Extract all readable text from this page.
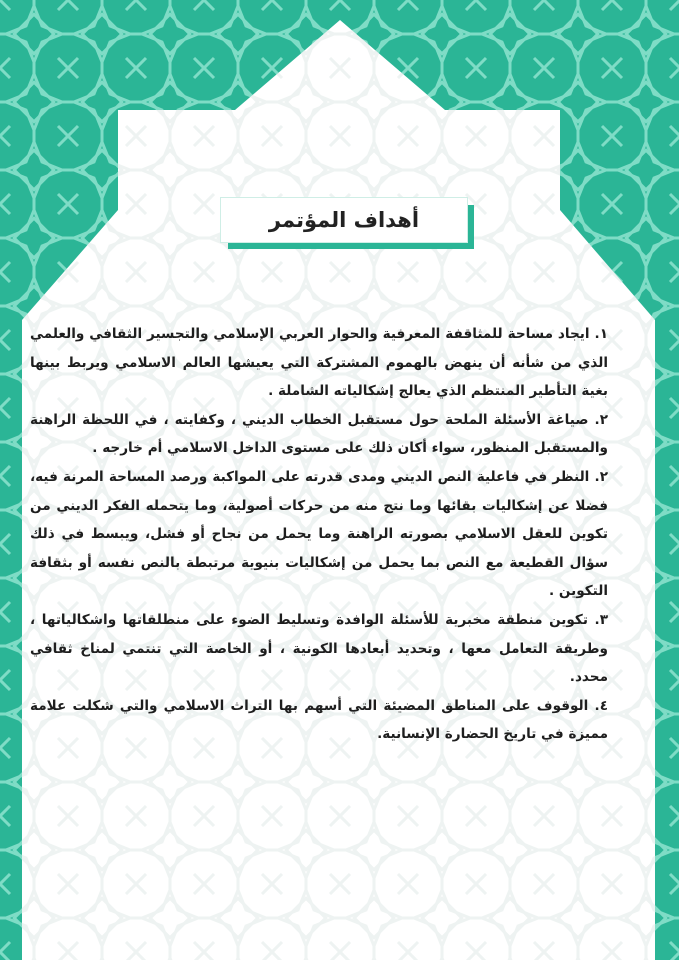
أهداف المؤتمر

١. ايجاد مساحة للمثاقفة المعرفية والحوار العربي الإسلامي والتجسير الثقافي والعلمي الذي من شأنه أن ينهض بالهموم المشتركة التي يعيشها العالم الاسلامي ويربط بينها بغية التأطير المنتظم الذي يعالج إشكالياته الشاملة .

٢. صياغة الأسئلة الملحة حول مستقبل الخطاب الديني ، وكفايته ، في اللحظة الراهنة والمستقبل المنظور، سواء أكان ذلك على مستوى الداخل الاسلامي أم خارجه .

٢. النظر في فاعلية النص الديني ومدى قدرته على المواكبة ورصد المساحة المرنة فيه، فضلا عن إشكاليات بقائها وما نتج منه من حركات أصولية، وما يتحمله الفكر الديني من تكوين للعقل الاسلامي بصورته الراهنة وما يحمل من نجاح أو فشل، ويبسط في ذلك سؤال القطيعة مع النص بما يحمل من إشكاليات بنيوية مرتبطة بالنص نفسه أو بثقافة التكوين .

٣. تكوين منطقة مخبرية للأسئلة الوافدة وتسليط الضوء على منطلقاتها واشكالياتها ، وطريقة التعامل معها ، وتحديد أبعادها الكونية ، أو الخاصة التي تنتمي لمناخ ثقافي محدد.

٤. الوقوف على المناطق المضيئة التي أسهم بها التراث الاسلامي والتي شكلت علامة مميزة في تاريخ الحضارة الإنسانية.
